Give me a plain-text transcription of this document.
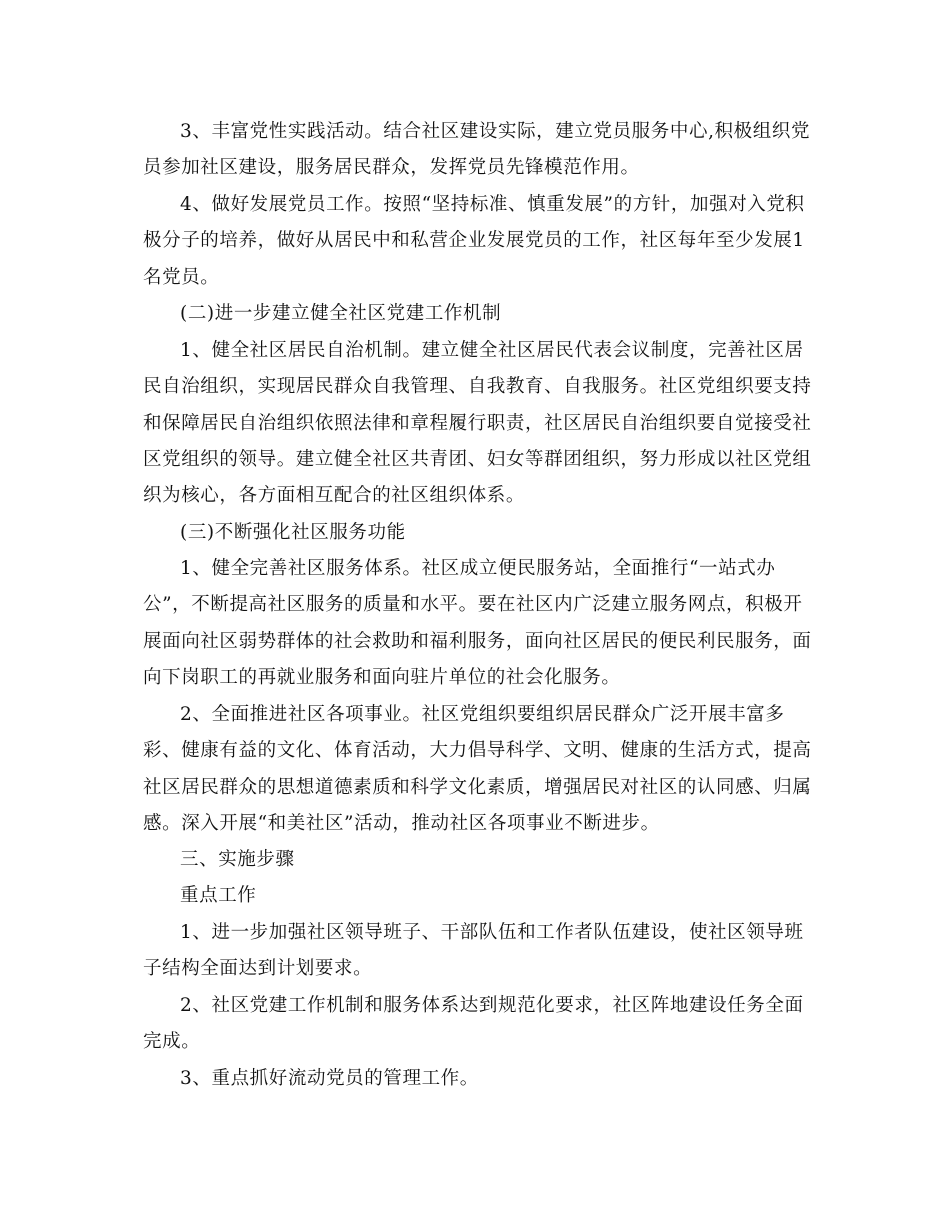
3、丰富党性实践活动。结合社区建设实际，建立党员服务中心,积极组织党员参加社区建设，服务居民群众，发挥党员先锋模范作用。

4、做好发展党员工作。按照“坚持标准、慎重发展”的方针，加强对入党积极分子的培养，做好从居民中和私营企业发展党员的工作，社区每年至少发展1名党员。

(二)进一步建立健全社区党建工作机制

1、健全社区居民自治机制。建立健全社区居民代表会议制度，完善社区居民自治组织，实现居民群众自我管理、自我教育、自我服务。社区党组织要支持和保障居民自治组织依照法律和章程履行职责，社区居民自治组织要自觉接受社区党组织的领导。建立健全社区共青团、妇女等群团组织，努力形成以社区党组织为核心，各方面相互配合的社区组织体系。

(三)不断强化社区服务功能

1、健全完善社区服务体系。社区成立便民服务站，全面推行“一站式办公”，不断提高社区服务的质量和水平。要在社区内广泛建立服务网点，积极开展面向社区弱势群体的社会救助和福利服务，面向社区居民的便民利民服务，面向下岗职工的再就业服务和面向驻片单位的社会化服务。

2、全面推进社区各项事业。社区党组织要组织居民群众广泛开展丰富多彩、健康有益的文化、体育活动，大力倡导科学、文明、健康的生活方式，提高社区居民群众的思想道德素质和科学文化素质，增强居民对社区的认同感、归属感。深入开展“和美社区”活动，推动社区各项事业不断进步。

三、实施步骤

重点工作

1、进一步加强社区领导班子、干部队伍和工作者队伍建设，使社区领导班子结构全面达到计划要求。

2、社区党建工作机制和服务体系达到规范化要求，社区阵地建设任务全面完成。

3、重点抓好流动党员的管理工作。
